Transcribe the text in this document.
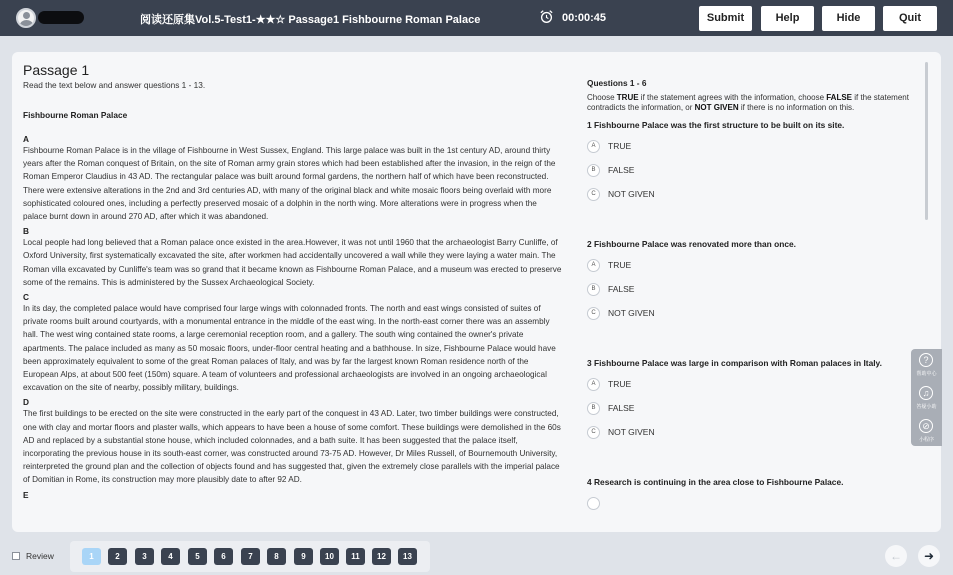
阅读还原集Vol.5-Test1-★★☆ Passage1 Fishbourne Roman Palace	00:00:45	Submit	Help	Hide	Quit
Passage 1
Read the text below and answer questions 1 - 13.
Fishbourne Roman Palace
A
Fishbourne Roman Palace is in the village of Fishbourne in West Sussex, England. This large palace was built in the 1st century AD, around thirty years after the Roman conquest of Britain, on the site of Roman army grain stores which had been established after the invasion, in the reign of the Roman Emperor Claudius in 43 AD. The rectangular palace was built around formal gardens, the northern half of which have been reconstructed. There were extensive alterations in the 2nd and 3rd centuries AD, with many of the original black and white mosaic floors being overlaid with more sophisticated coloured ones, including a perfectly preserved mosaic of a dolphin in the north wing. More alterations were in progress when the palace burnt down in around 270 AD, after which it was abandoned.
B
Local people had long believed that a Roman palace once existed in the area.However, it was not until 1960 that the archaeologist Barry Cunliffe, of Oxford University, first systematically excavated the site, after workmen had accidentally uncovered a wall while they were laying a water main. The Roman villa excavated by Cunliffe's team was so grand that it became known as Fishbourne Roman Palace, and a museum was erected to preserve some of the remains. This is administered by the Sussex Archaeological Society.
C
In its day, the completed palace would have comprised four large wings with colonnaded fronts. The north and east wings consisted of suites of private rooms built around courtyards, with a monumental entrance in the middle of the east wing. In the north-east corner there was an assembly hall. The west wing contained state rooms, a large ceremonial reception room, and a gallery. The south wing contained the owner's private apartments. The palace included as many as 50 mosaic floors, under-floor central heating and a bathhouse. In size, Fishbourne Palace would have been approximately equivalent to some of the great Roman palaces of Italy, and was by far the largest known Roman residence north of the European Alps, at about 500 feet (150m) square. A team of volunteers and professional archaeologists are involved in an ongoing archaeological excavation on the site of nearby, possibly military, buildings.
D
The first buildings to be erected on the site were constructed in the early part of the conquest in 43 AD. Later, two timber buildings were constructed, one with clay and mortar floors and plaster walls, which appears to have been a house of some comfort. These buildings were demolished in the 60s AD and replaced by a substantial stone house, which included colonnades, and a bath suite. It has been suggested that the palace itself, incorporating the previous house in its south-east corner, was constructed around 73-75 AD. However, Dr Miles Russell, of Bournemouth University, reinterpreted the ground plan and the collection of objects found and has suggested that, given the extremely close parallels with the imperial palace of Domitian in Rome, its construction may more plausibly date to after 92 AD.
E
Questions 1 - 6
Choose TRUE if the statement agrees with the information, choose FALSE if the statement contradicts the information, or NOT GIVEN if there is no information on this.
1 Fishbourne Palace was the first structure to be built on its site.
A	TRUE
B	FALSE
C	NOT GIVEN
2 Fishbourne Palace was renovated more than once.
A	TRUE
B	FALSE
C	NOT GIVEN
3 Fishbourne Palace was large in comparison with Roman palaces in Italy.
A	TRUE
B	FALSE
C	NOT GIVEN
4 Research is continuing in the area close to Fishbourne Palace.
?
帮助中心
♫
答疑小助
⊘
小程序
Review	1	2	3	4	5	6	7	8	9	10	11	12	13	←	➜
